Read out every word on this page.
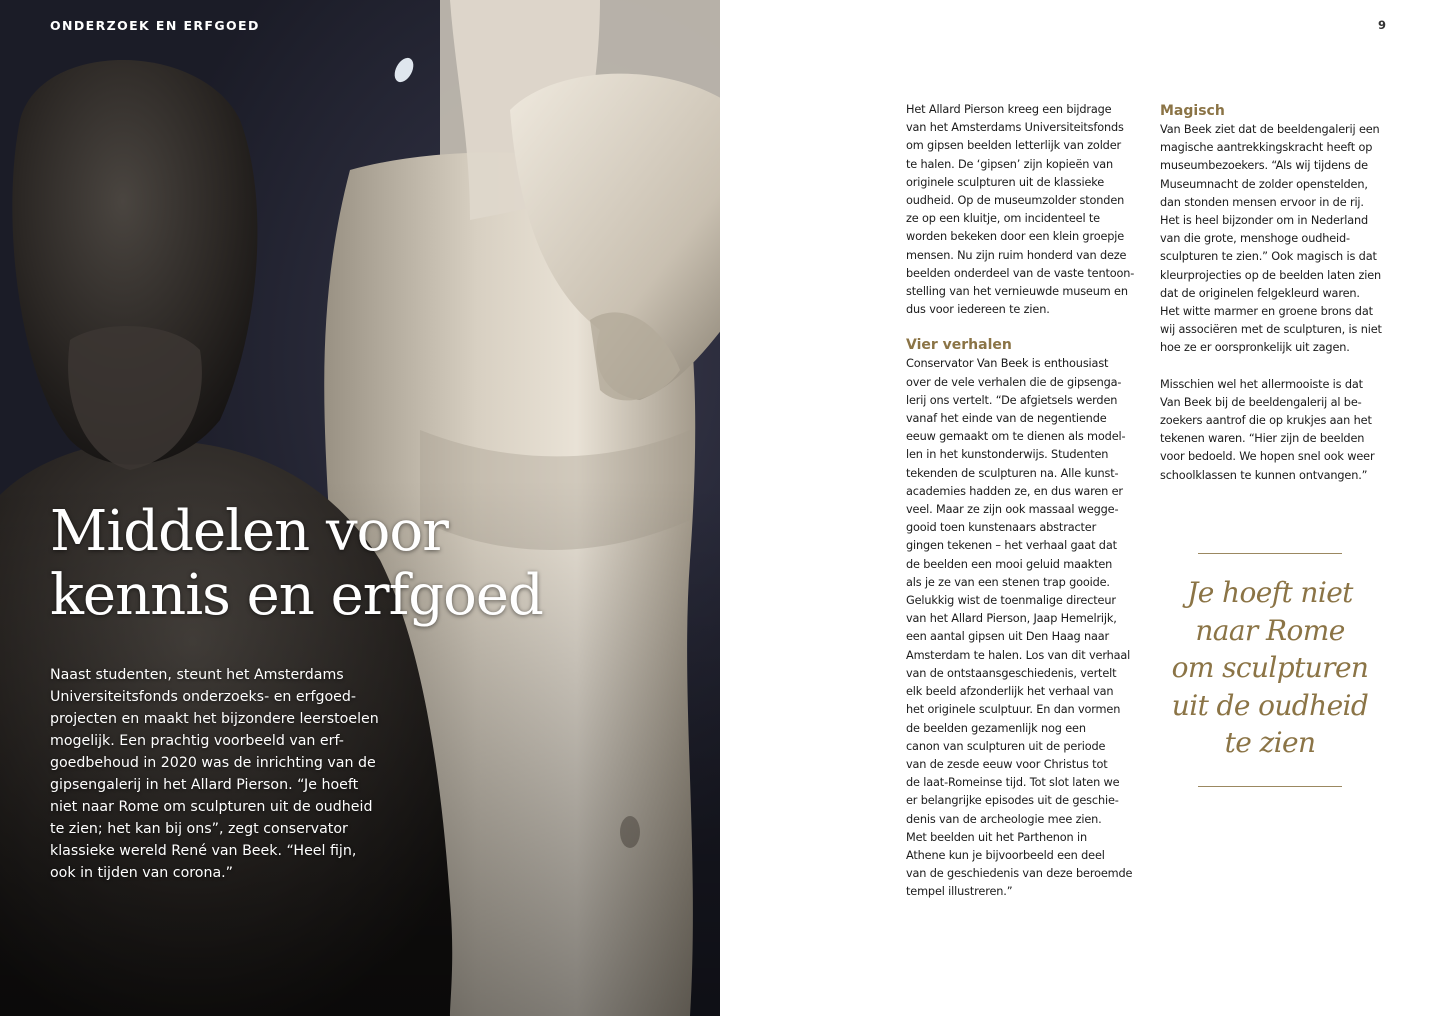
ONDERZOEK EN ERFGOED
Middelen voor
kennis en erfgoed

Naast studenten, steunt het Amsterdams
Universiteitsfonds onderzoeks- en erfgoed-
projecten en maakt het bijzondere leerstoelen
mogelijk. Een prachtig voorbeeld van erf-
goedbehoud in 2020 was de inrichting van de
gipsengalerij in het Allard Pierson. “Je hoeft
niet naar Rome om sculpturen uit de oudheid
te zien; het kan bij ons”, zegt conservator
klassieke wereld René van Beek. “Heel fijn,
ook in tijden van corona.”

9

Het Allard Pierson kreeg een bijdrage
van het Amsterdams Universiteitsfonds
om gipsen beelden letterlijk van zolder
te halen. De ‘gipsen’ zijn kopieën van
originele sculpturen uit de klassieke
oudheid. Op de museumzolder stonden
ze op een kluitje, om incidenteel te
worden bekeken door een klein groepje
mensen. Nu zijn ruim honderd van deze
beelden onderdeel van de vaste tentoon-
stelling van het vernieuwde museum en
dus voor iedereen te zien.

Vier verhalen

Conservator Van Beek is enthousiast
over de vele verhalen die de gipsenga-
lerij ons vertelt. “De afgietsels werden
vanaf het einde van de negentiende
eeuw gemaakt om te dienen als model-
len in het kunstonderwijs. Studenten
tekenden de sculpturen na. Alle kunst-
academies hadden ze, en dus waren er
veel. Maar ze zijn ook massaal wegge-
gooid toen kunstenaars abstracter
gingen tekenen – het verhaal gaat dat
de beelden een mooi geluid maakten
als je ze van een stenen trap gooide.
Gelukkig wist de toenmalige directeur
van het Allard Pierson, Jaap Hemelrijk,
een aantal gipsen uit Den Haag naar
Amsterdam te halen. Los van dit verhaal
van de ontstaansgeschiedenis, vertelt
elk beeld afzonderlijk het verhaal van
het originele sculptuur. En dan vormen
de beelden gezamenlijk nog een
canon van sculpturen uit de periode
van de zesde eeuw voor Christus tot
de laat-Romeinse tijd. Tot slot laten we
er belangrijke episodes uit de geschie-
denis van de archeologie mee zien.
Met beelden uit het Parthenon in
Athene kun je bijvoorbeeld een deel
van de geschiedenis van deze beroemde
tempel illustreren.”

Magisch

Van Beek ziet dat de beeldengalerij een
magische aantrekkingskracht heeft op
museumbezoekers. “Als wij tijdens de
Museumnacht de zolder openstelden,
dan stonden mensen ervoor in de rij.
Het is heel bijzonder om in Nederland
van die grote, menshoge oudheid-
sculpturen te zien.” Ook magisch is dat
kleurprojecties op de beelden laten zien
dat de originelen felgekleurd waren.
Het witte marmer en groene brons dat
wij associëren met de sculpturen, is niet
hoe ze er oorspronkelijk uit zagen.

Misschien wel het allermooiste is dat
Van Beek bij de beeldengalerij al be-
zoekers aantrof die op krukjes aan het
tekenen waren. “Hier zijn de beelden
voor bedoeld. We hopen snel ook weer
schoolklassen te kunnen ontvangen.”

Je hoeft niet
naar Rome
om sculpturen
uit de oudheid
te zien
